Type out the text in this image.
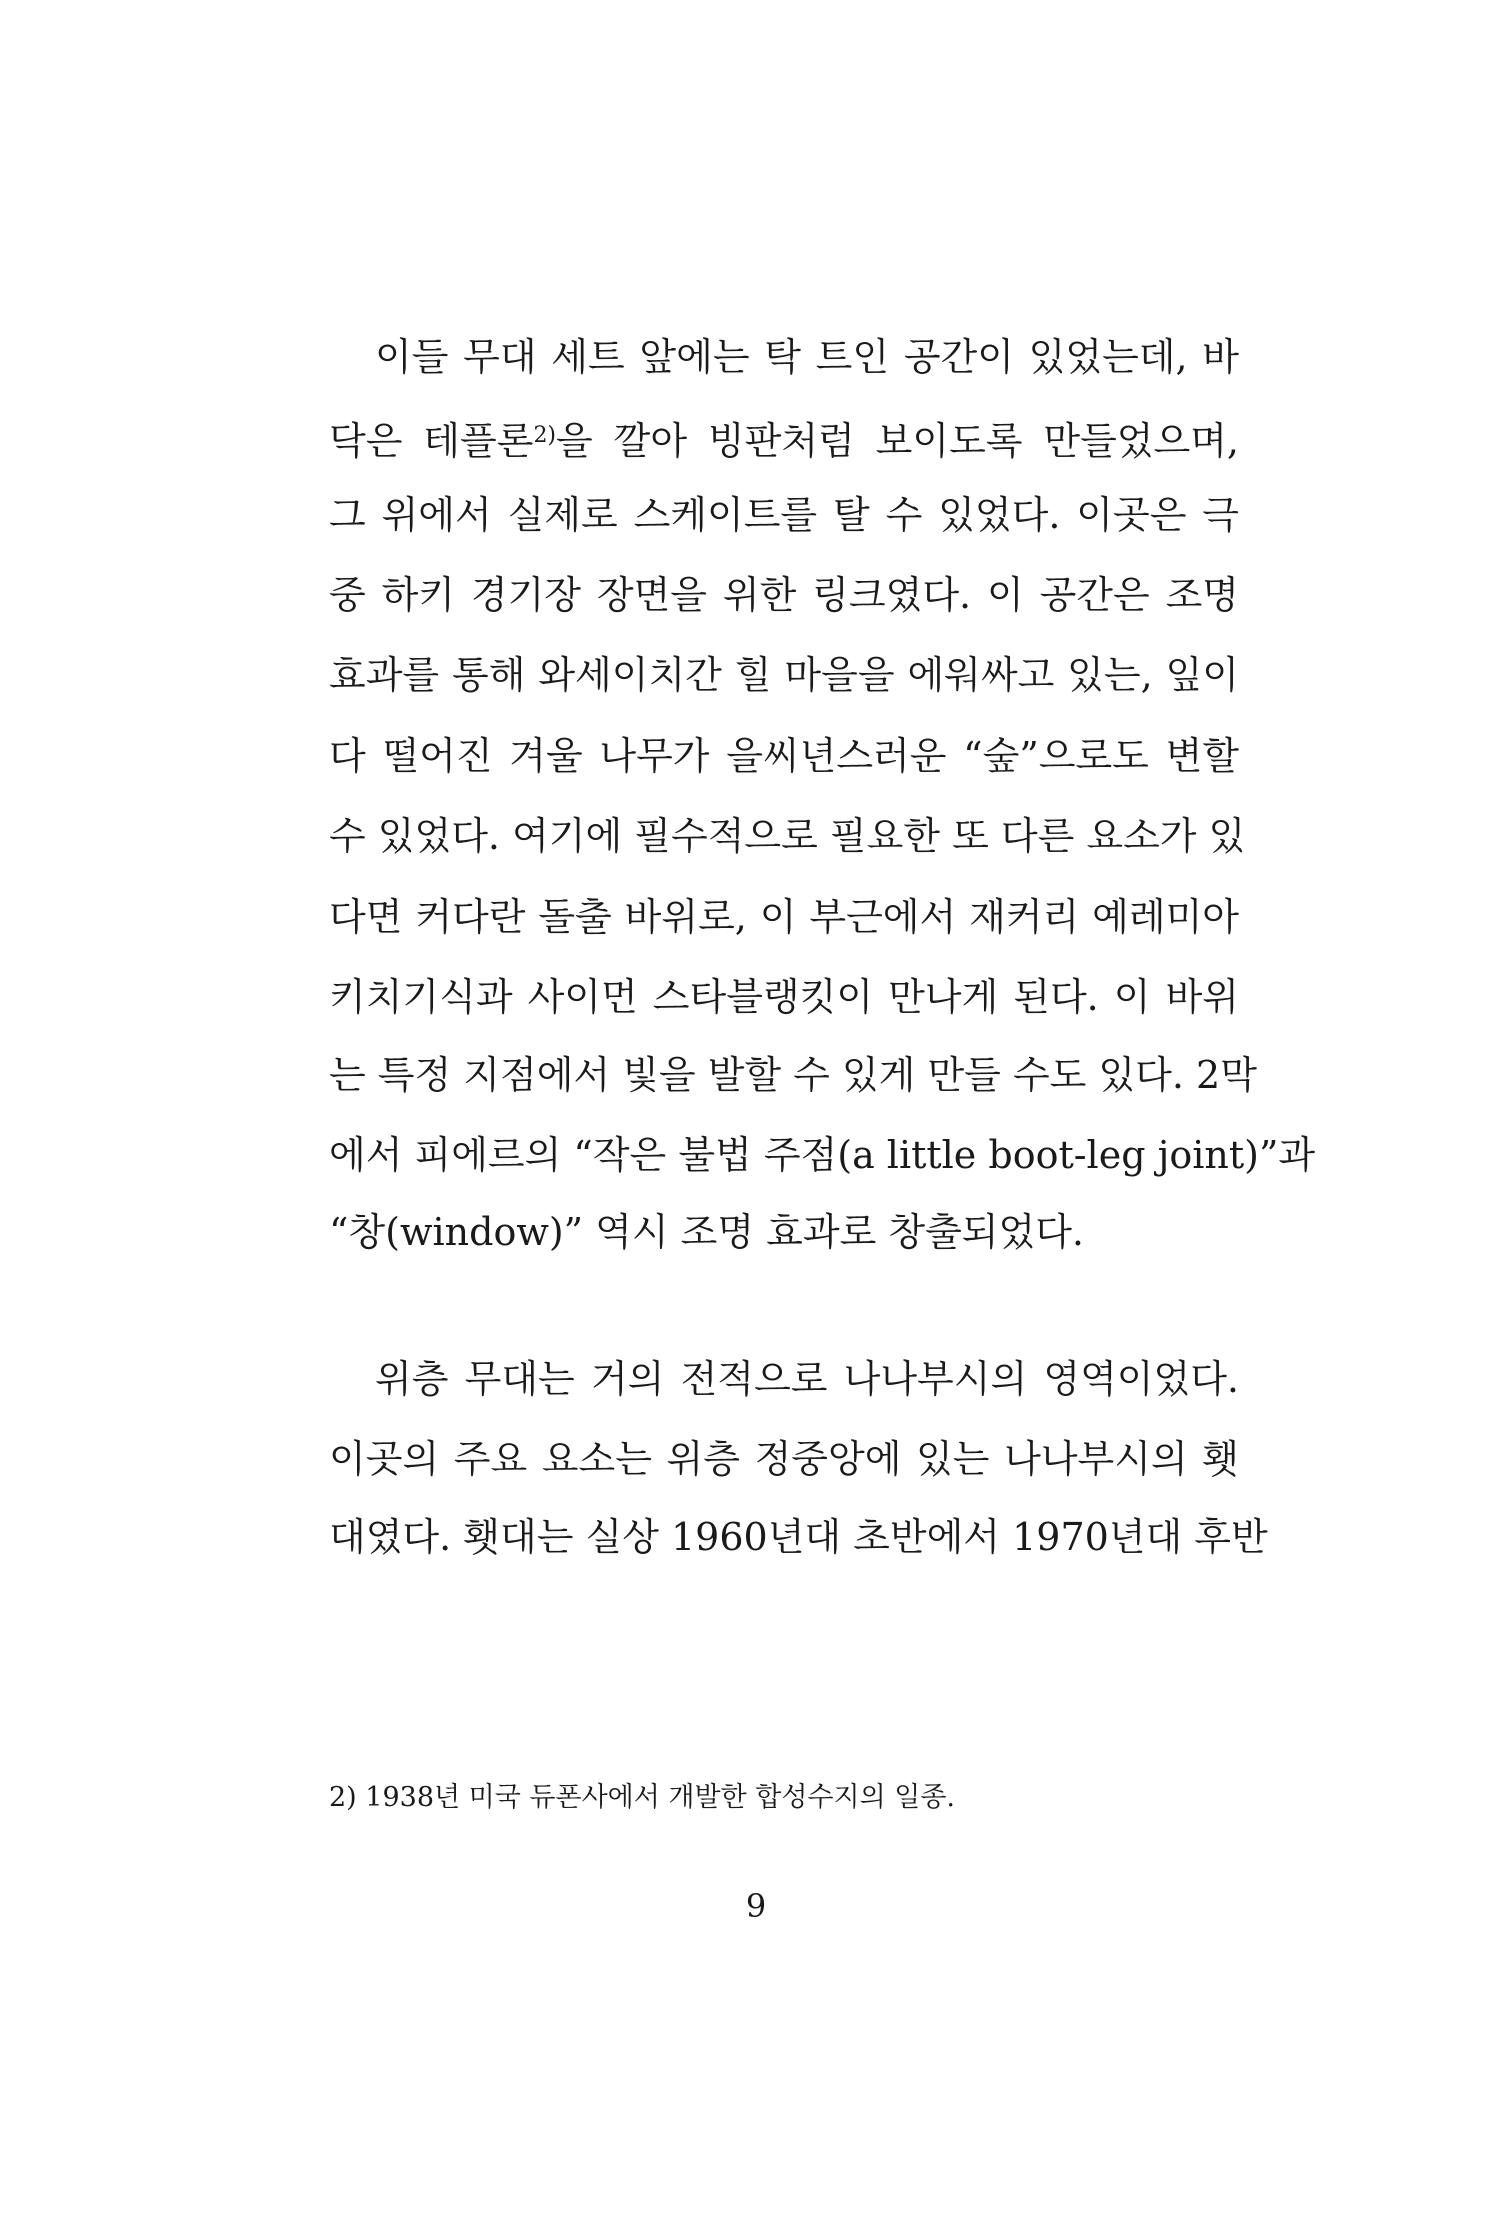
이들 무대 세트 앞에는 탁 트인 공간이 있었는데, 바
닥은 테플론$^{2)}$을 깔아 빙판처럼 보이도록 만들었으며,
그 위에서 실제로 스케이트를 탈 수 있었다. 이곳은 극
중 하키 경기장 장면을 위한 링크였다. 이 공간은 조명
효과를 통해 와세이치간 힐 마을을 에워싸고 있는, 잎이
다 떨어진 겨울 나무가 을씨년스러운 “숲”으로도 변할
수 있었다. 여기에 필수적으로 필요한 또 다른 요소가 있
다면 커다란 돌출 바위로, 이 부근에서 재커리 예레미아
키치기식과 사이먼 스타블랭킷이 만나게 된다. 이 바위
는 특정 지점에서 빛을 발할 수 있게 만들 수도 있다. 2막
에서 피에르의 “작은 불법 주점(a little boot-leg joint)”과
“창(window)” 역시 조명 효과로 창출되었다.
위층 무대는 거의 전적으로 나나부시의 영역이었다.
이곳의 주요 요소는 위층 정중앙에 있는 나나부시의 횃
대였다. 횃대는 실상 1960년대 초반에서 1970년대 후반
2) 1938년 미국 듀폰사에서 개발한 합성수지의 일종.
9
